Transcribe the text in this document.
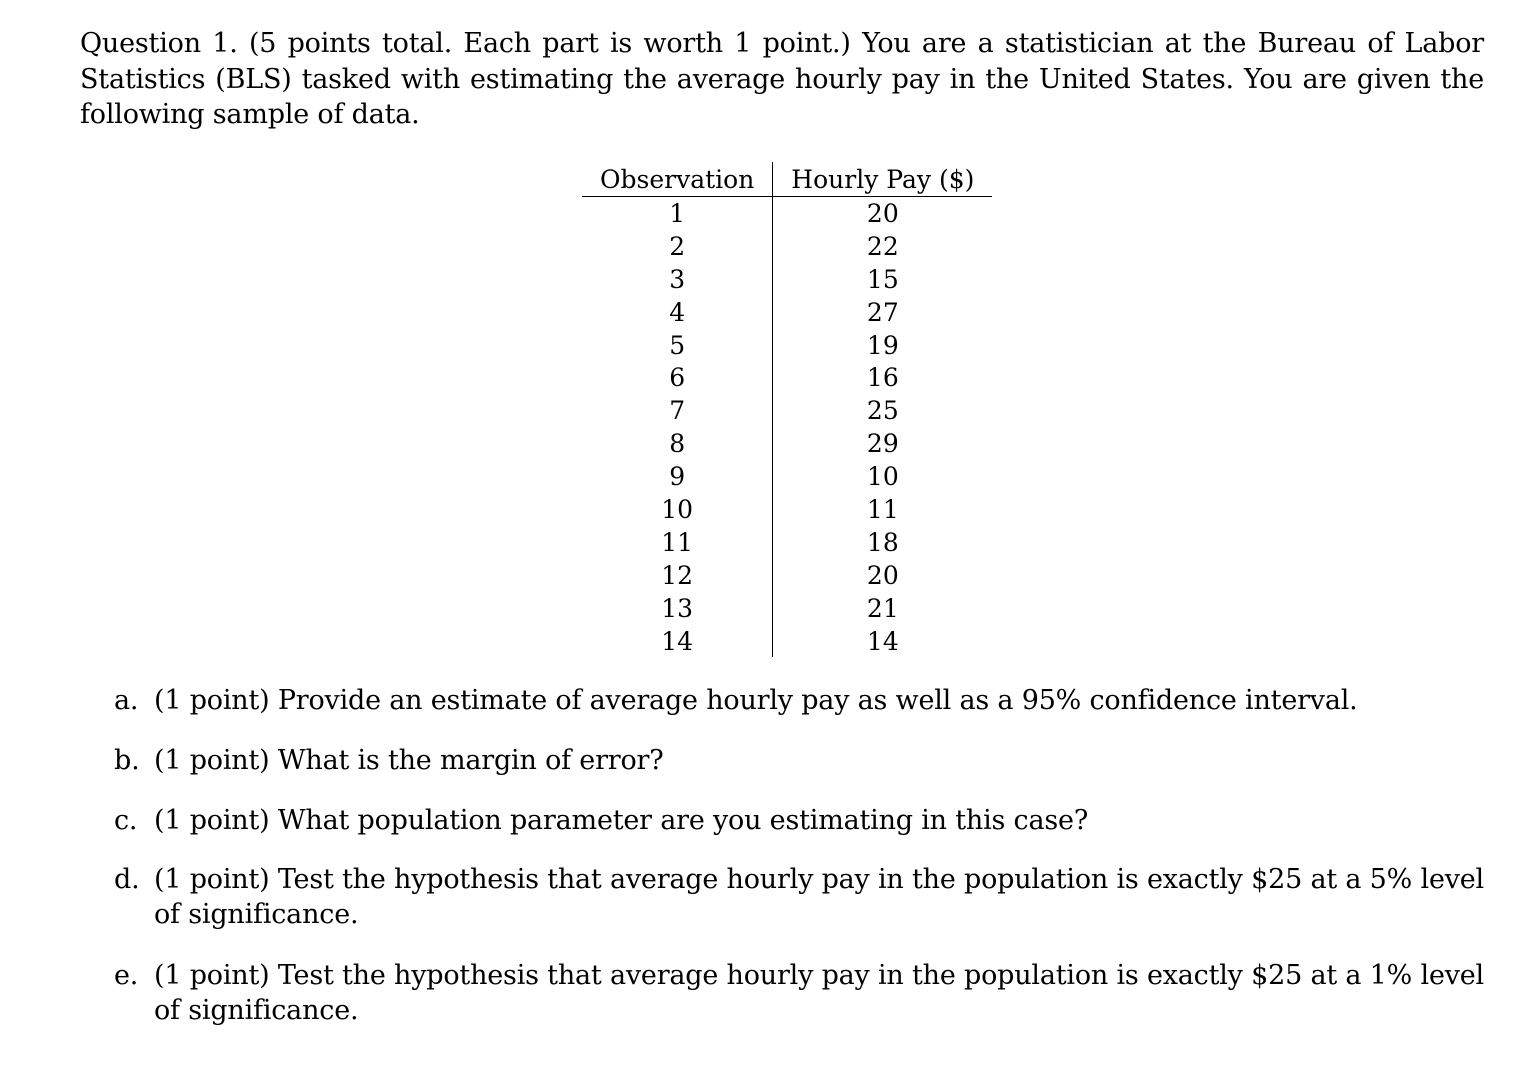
Question 1. (5 points total. Each part is worth 1 point.) You are a statistician at the Bureau of Labor Statistics (BLS) tasked with estimating the average hourly pay in the United States. You are given the following sample of data.
Observation	Hourly Pay ($)
1	20
2	22
3	15
4	27
5	19
6	16
7	25
8	29
9	10
10	11
11	18
12	20
13	21
14	14
a. (1 point) Provide an estimate of average hourly pay as well as a 95% confidence interval.
b. (1 point) What is the margin of error?
c. (1 point) What population parameter are you estimating in this case?
d. (1 point) Test the hypothesis that average hourly pay in the population is exactly $25 at a 5% level of significance.
e. (1 point) Test the hypothesis that average hourly pay in the population is exactly $25 at a 1% level of significance.
